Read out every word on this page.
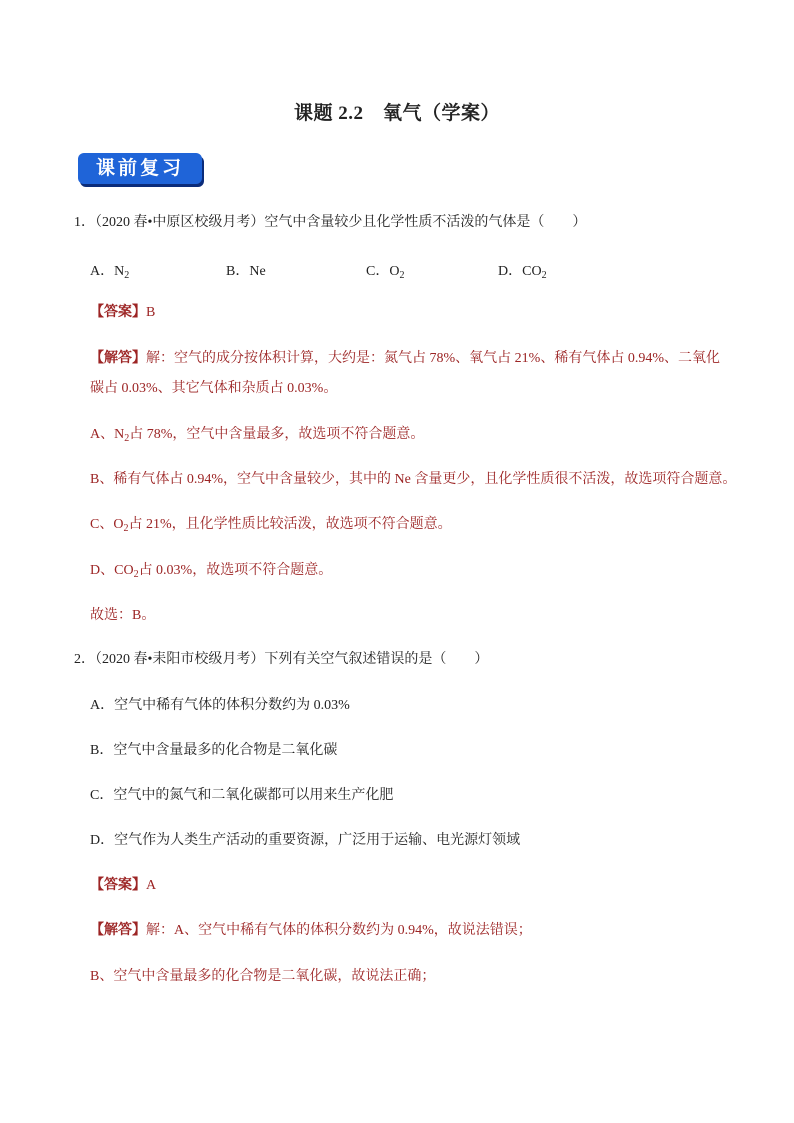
课题 2.2　氧气（学案）
课前复习
1．（2020 春•中原区校级月考）空气中含量较少且化学性质不活泼的气体是（　　）
A．$N_2$	B．Ne	C．$O_2$	D．$CO_2$
【答案】B
【解答】解：空气的成分按体积计算，大约是：氮气占 78%、氧气占 21%、稀有气体占 0.94%、二氧化
碳占 0.03%、其它气体和杂质占 0.03%。
A、$N_2$占 78%，空气中含量最多，故选项不符合题意。
B、稀有气体占 0.94%，空气中含量较少，其中的 Ne 含量更少，且化学性质很不活泼，故选项符合题意。
C、$O_2$占 21%，且化学性质比较活泼，故选项不符合题意。
D、$CO_2$占 0.03%，故选项不符合题意。
故选：B。
2．（2020 春•耒阳市校级月考）下列有关空气叙述错误的是（　　）
A．空气中稀有气体的体积分数约为 0.03%
B．空气中含量最多的化合物是二氧化碳
C．空气中的氮气和二氧化碳都可以用来生产化肥
D．空气作为人类生产活动的重要资源，广泛用于运输、电光源灯领域
【答案】A
【解答】解：A、空气中稀有气体的体积分数约为 0.94%，故说法错误；
B、空气中含量最多的化合物是二氧化碳，故说法正确；
